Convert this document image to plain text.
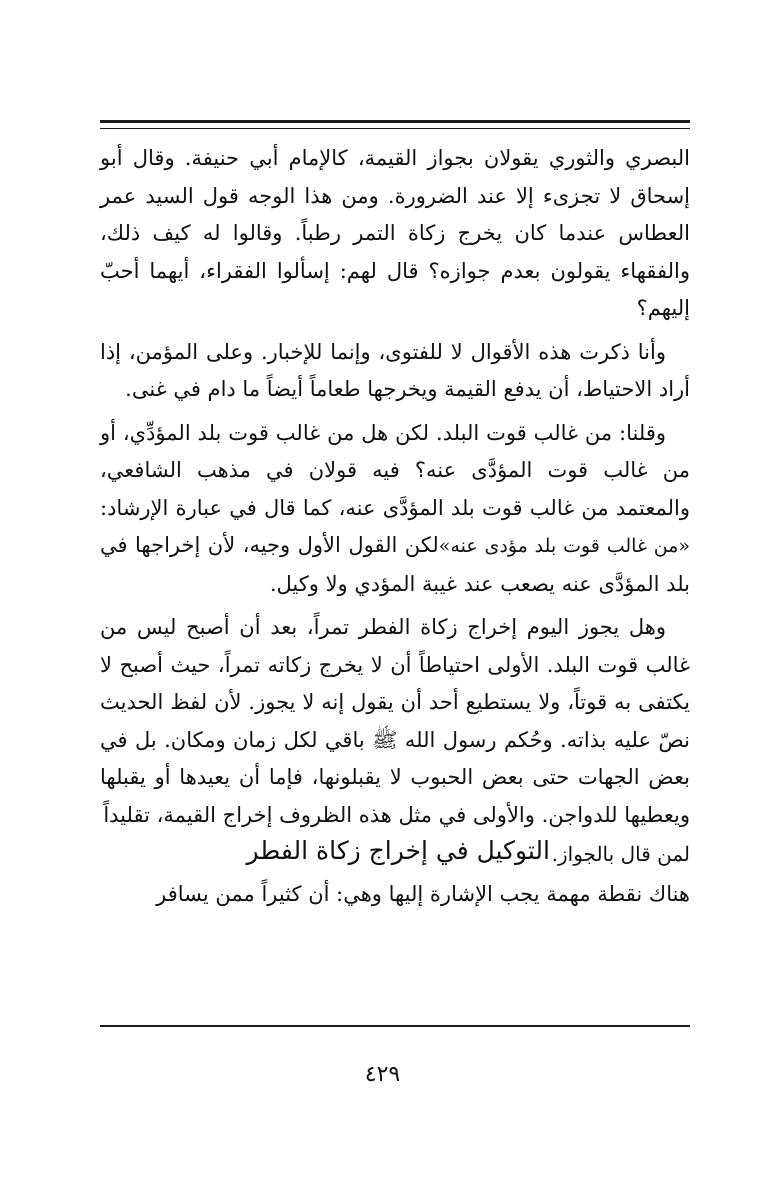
البصري والثوري يقولان بجواز القيمة، كالإمام أبي حنيفة. وقال أبو إسحاق لا تجزىء إلا عند الضرورة. ومن هذا الوجه قول السيد عمر العطاس عندما كان يخرج زكاة التمر رطباً. وقالوا له كيف ذلك، والفقهاء يقولون بعدم جوازه؟ قال لهم: إسألوا الفقراء، أيهما أحبّ إليهم؟

وأنا ذكرت هذه الأقوال لا للفتوى، وإنما للإخبار. وعلى المؤمن، إذا أراد الاحتياط، أن يدفع القيمة ويخرجها طعاماً أيضاً ما دام في غنى.

وقلنا: من غالب قوت البلد. لكن هل من غالب قوت بلد المؤدِّي، أو من غالب قوت المؤدَّى عنه؟ فيه قولان في مذهب الشافعي، والمعتمد من غالب قوت بلد المؤدَّى عنه، كما قال في عبارة الإرشاد: «من غالب قوت بلد مؤدى عنه»لكن القول الأول وجيه، لأن إخراجها في بلد المؤدَّى عنه يصعب عند غيبة المؤدي ولا وكيل.

وهل يجوز اليوم إخراج زكاة الفطر تمراً، بعد أن أصبح ليس من غالب قوت البلد. الأولى احتياطاً أن لا يخرج زكاته تمراً، حيث أصبح لا يكتفى به قوتاً، ولا يستطيع أحد أن يقول إنه لا يجوز. لأن لفظ الحديث نصّ عليه بذاته. وحُكم رسول الله ﷺ باقي لكل زمان ومكان. بل في بعض الجهات حتى بعض الحبوب لا يقبلونها، فإما أن يعيدها أو يقبلها ويعطيها للدواجن. والأولى في مثل هذه الظروف إخراج القيمة، تقليداً

لمن قال بالجواز.
التوكيل في إخراج زكاة الفطر

هناك نقطة مهمة يجب الإشارة إليها وهي: أن كثيراً ممن يسافر

٤٢٩
